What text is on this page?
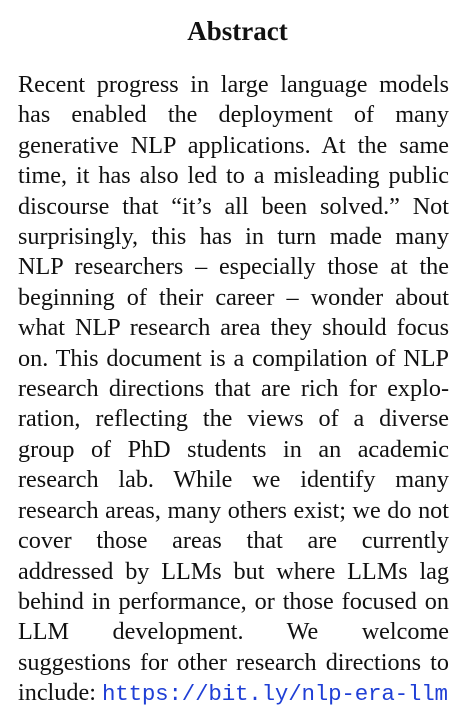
Abstract

Recent progress in large language models has enabled the deployment of many generative NLP applications. At the same time, it has also led to a misleading public discourse that “it’s all been solved.” Not surprisingly, this has in turn made many NLP researchers – especially those at the beginning of their career – wonder about what NLP research area they should focus on. This document is a compilation of NLP research directions that are rich for exploration, reflecting the views of a diverse group of PhD students in an academic research lab. While we identify many research areas, many others exist; we do not cover those areas that are currently addressed by LLMs but where LLMs lag behind in performance, or those focused on LLM development. We welcome suggestions for other research directions to include: https://bit.ly/nlp-era-llm
